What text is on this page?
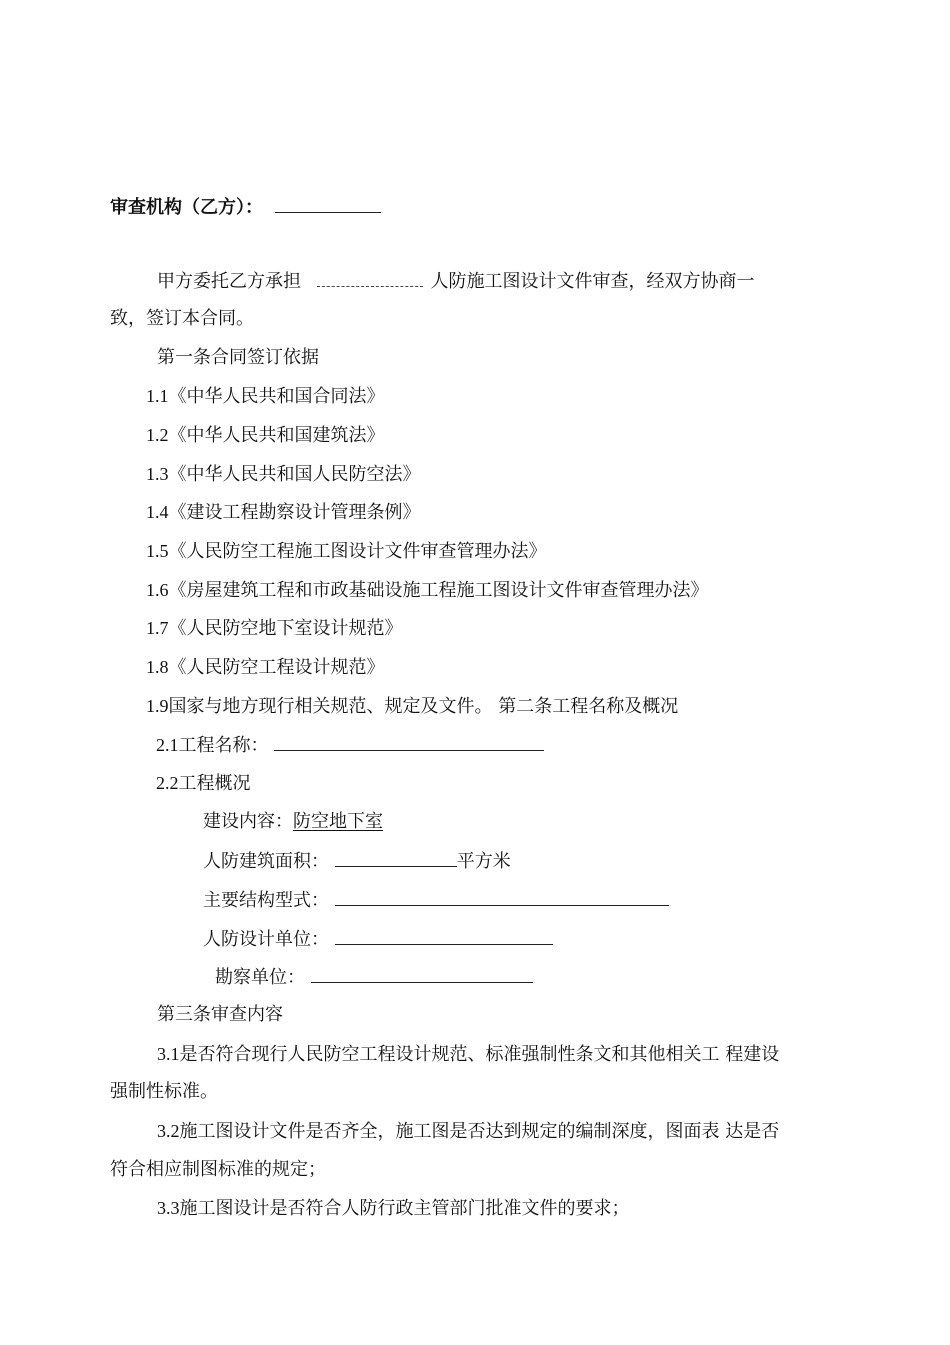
审查机构（乙方）：
甲方委托乙方承担	人防施工图设计文件审查，经双方协商一
致，签订本合同。
第一条合同签订依据
1.1《中华人民共和国合同法》
1.2《中华人民共和国建筑法》
1.3《中华人民共和国人民防空法》
1.4《建设工程勘察设计管理条例》
1.5《人民防空工程施工图设计文件审查管理办法》
1.6《房屋建筑工程和市政基础设施工程施工图设计文件审查管理办法》
1.7《人民防空地下室设计规范》
1.8《人民防空工程设计规范》
1.9国家与地方现行相关规范、规定及文件。 第二条工程名称及概况
2.1工程名称：
2.2工程概况
建设内容：防空地下室
人防建筑面积：	平方米
主要结构型式：
人防设计单位：
勘察单位：
第三条审查内容
3.1是否符合现行人民防空工程设计规范、标准强制性条文和其他相关工 程建设
强制性标准。
3.2施工图设计文件是否齐全，施工图是否达到规定的编制深度，图面表 达是否
符合相应制图标准的规定；
3.3施工图设计是否符合人防行政主管部门批准文件的要求；
